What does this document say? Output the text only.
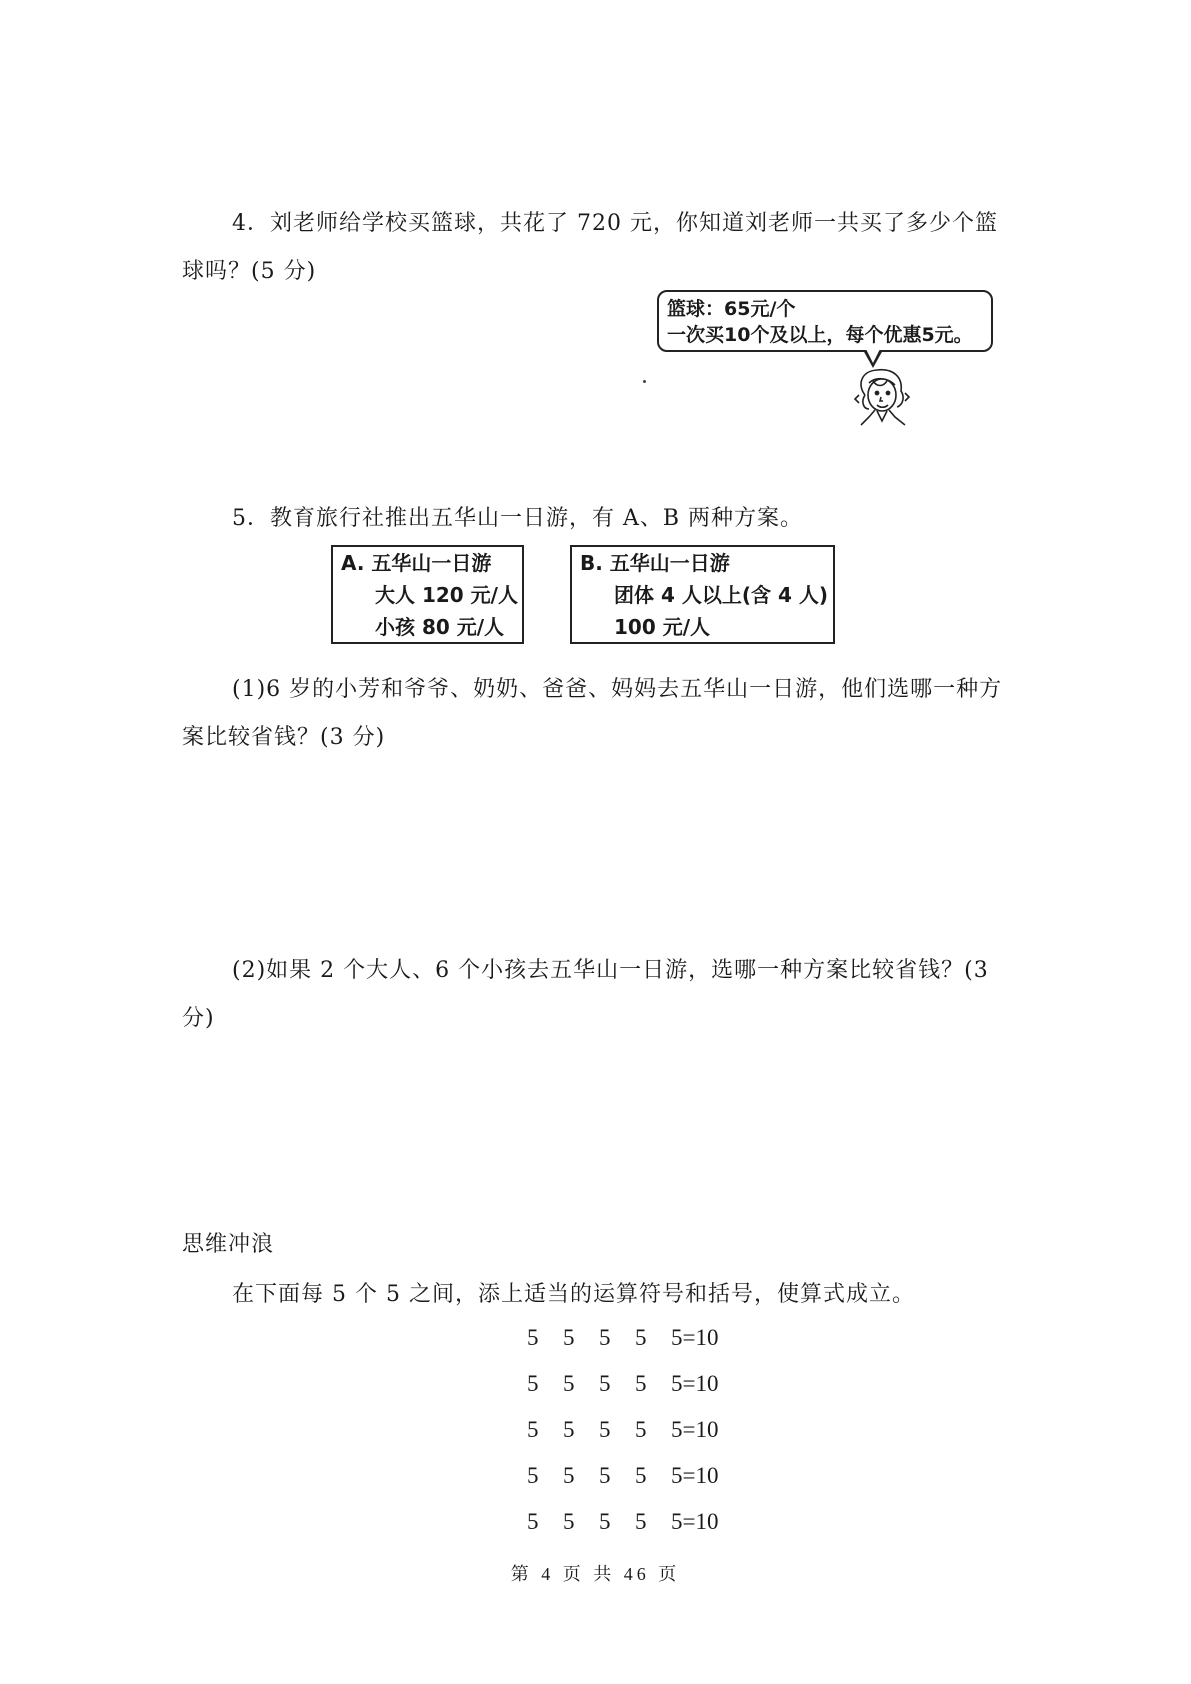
4．刘老师给学校买篮球，共花了 720 元，你知道刘老师一共买了多少个篮
球吗？(5 分)

篮球：65元/个
一次买10个及以上，每个优惠5元。

5．教育旅行社推出五华山一日游，有 A、B 两种方案。

A. 五华山一日游
大人 120 元/人
小孩 80 元/人
B. 五华山一日游
团体 4 人以上(含 4 人)
100 元/人

(1)6 岁的小芳和爷爷、奶奶、爸爸、妈妈去五华山一日游，他们选哪一种方案比较省钱？(3 分)

(2)如果 2 个大人、6 个小孩去五华山一日游，选哪一种方案比较省钱？(3 分)

思维冲浪

在下面每 5 个 5 之间，添上适当的运算符号和括号，使算式成立。

5 5 5 5 5=10
5 5 5 5 5=10
5 5 5 5 5=10
5 5 5 5 5=10
5 5 5 5 5=10
第 4 页 共 46 页
